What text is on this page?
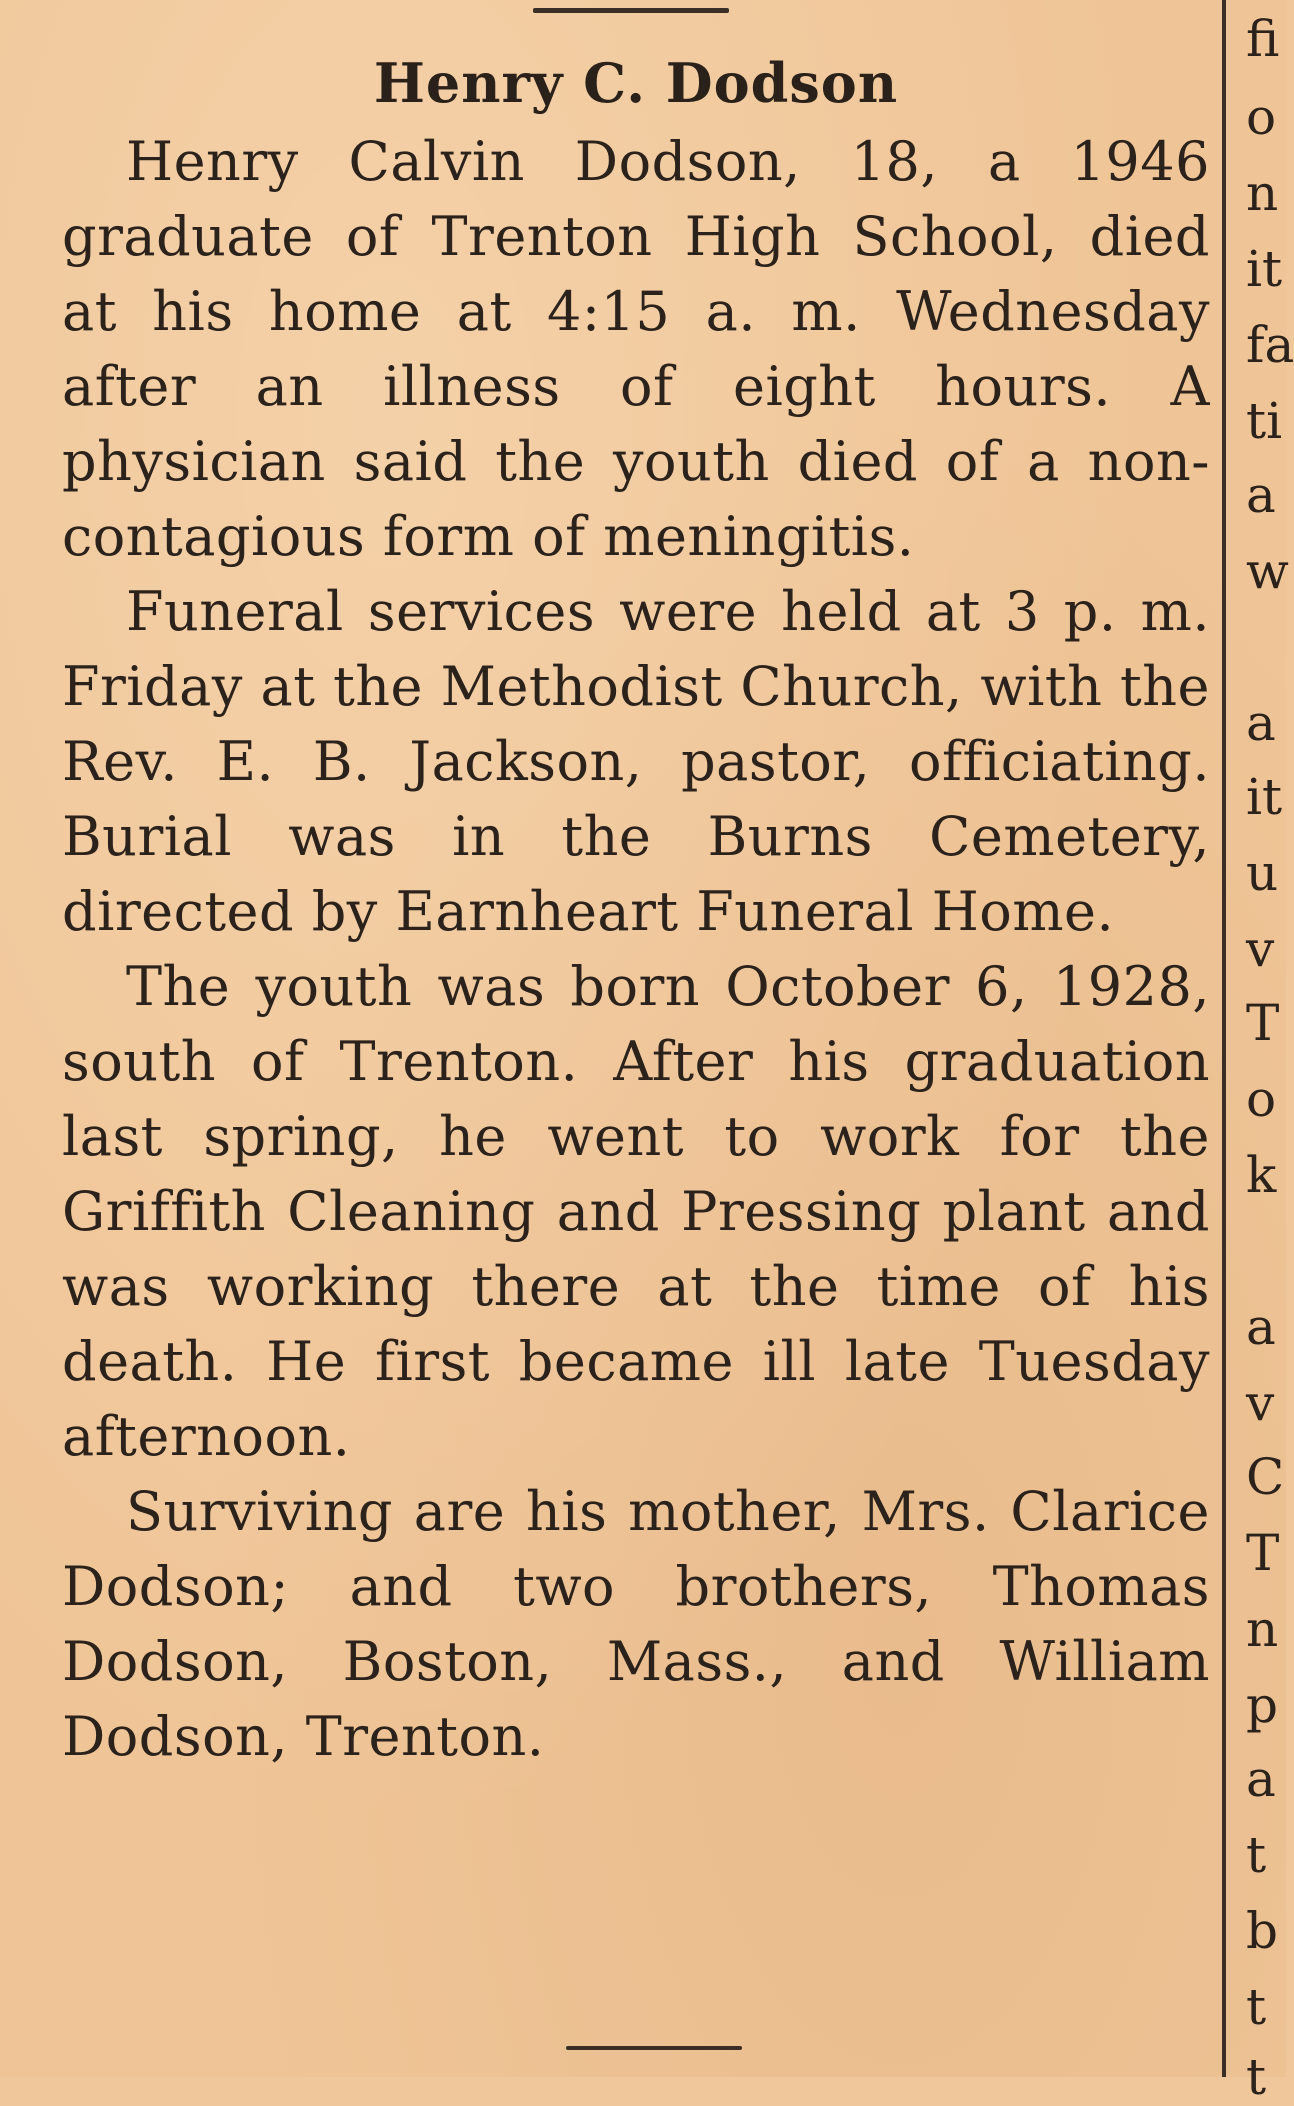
Henry C. Dodson

Henry Calvin Dodson, 18, a 1946 graduate of Trenton High School, died at his home at 4:15 a. m. Wednesday after an illness of eight hours. A physician said the youth died of a non-contagious form of meningitis.

Funeral services were held at 3 p. m. Friday at the Methodist Church, with the Rev. E. B. Jackson, pastor, officiating. Burial was in the Burns Cemetery, directed by Earnheart Funeral Home.

The youth was born October 6, 1928, south of Trenton. After his graduation last spring, he went to work for the Griffith Cleaning and Pressing plant and was working there at the time of his death. He first became ill late Tuesday afternoon.

Surviving are his mother, Mrs. Clarice Dodson; and two brothers, Thomas Dodson, Boston, Mass., and William Dodson, Trenton.

fi
o
n
it
fa
ti
a
w
a
it
u
v
T
o
k
a
v
C
T
n
p
a
t
b
t
t
